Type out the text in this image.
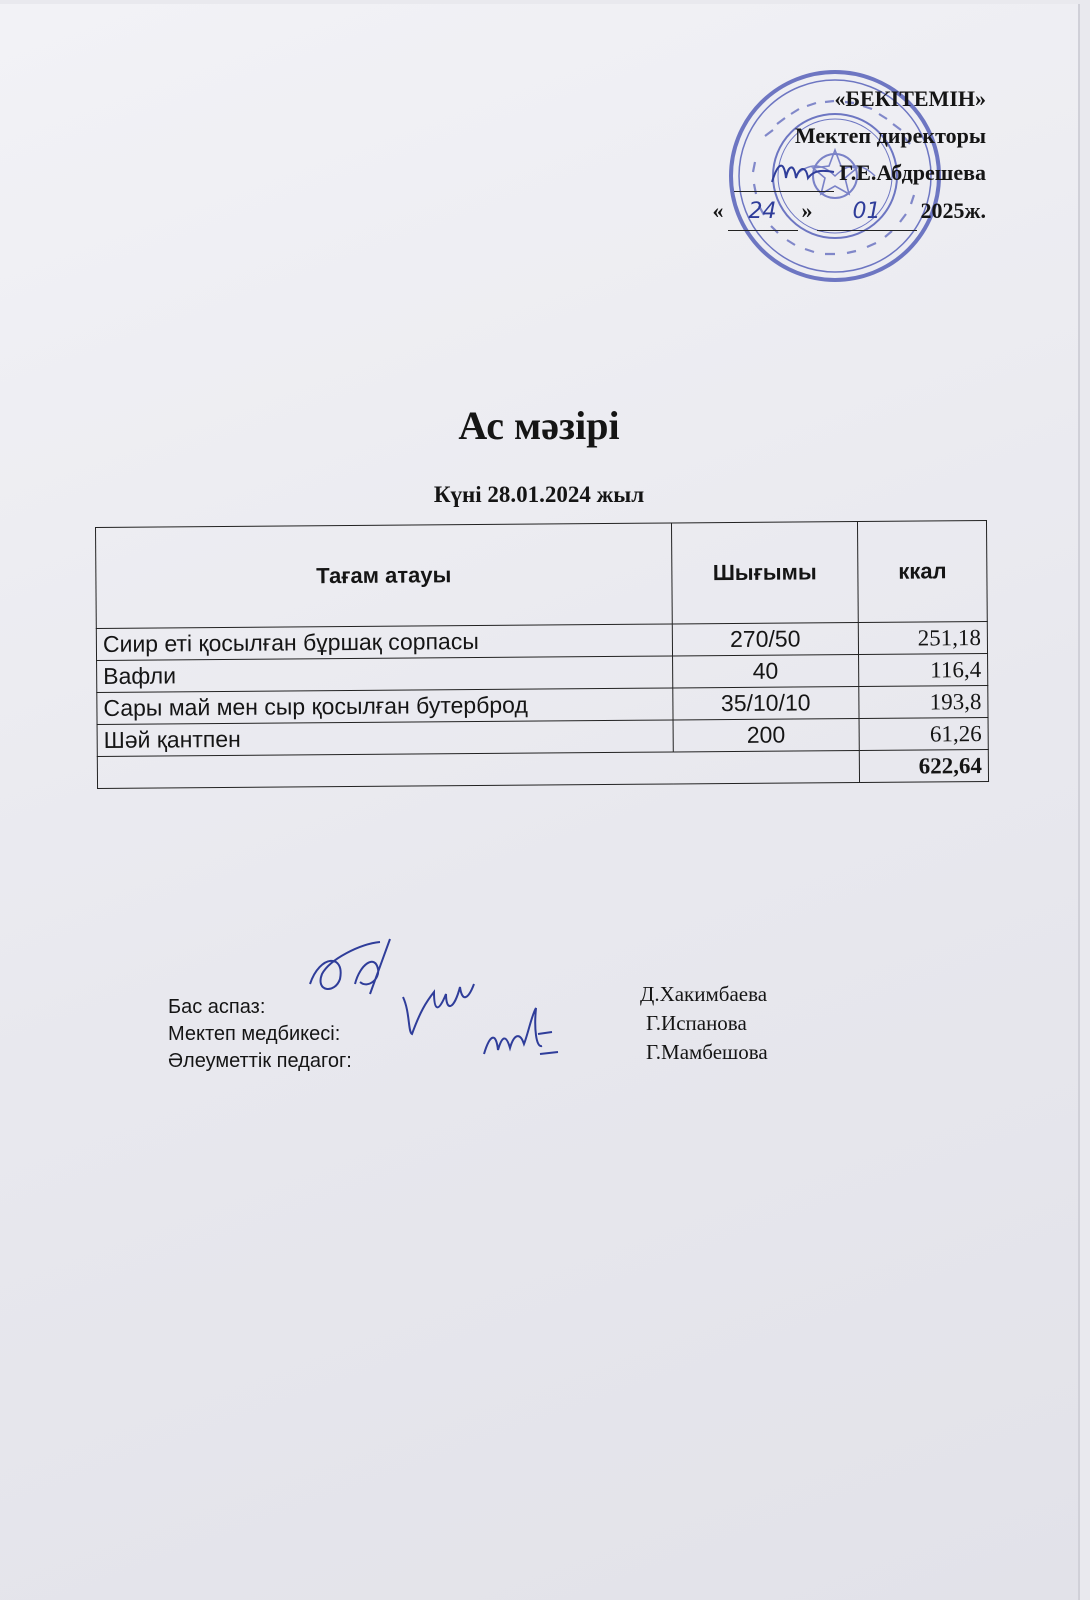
«БЕКІТЕМІН»
Мектеп директоры
Г.Е.Абдрешева
«	24	»	01	2025ж.
Ас мәзірі
Күні 28.01.2024 жыл
Тағам атауы	Шығымы	ккал
Сиир еті қосылған бұршақ сорпасы	270/50	251,18
Вафли	40	116,4
Сары май мен сыр қосылған бутерброд	35/10/10	193,8
Шәй қантпен	200	61,26
		622,64
Бас аспаз:
Мектеп медбикесі:
Әлеуметтік педагог:
Д.Хакимбаева
Г.Испанова
Г.Мамбешова
